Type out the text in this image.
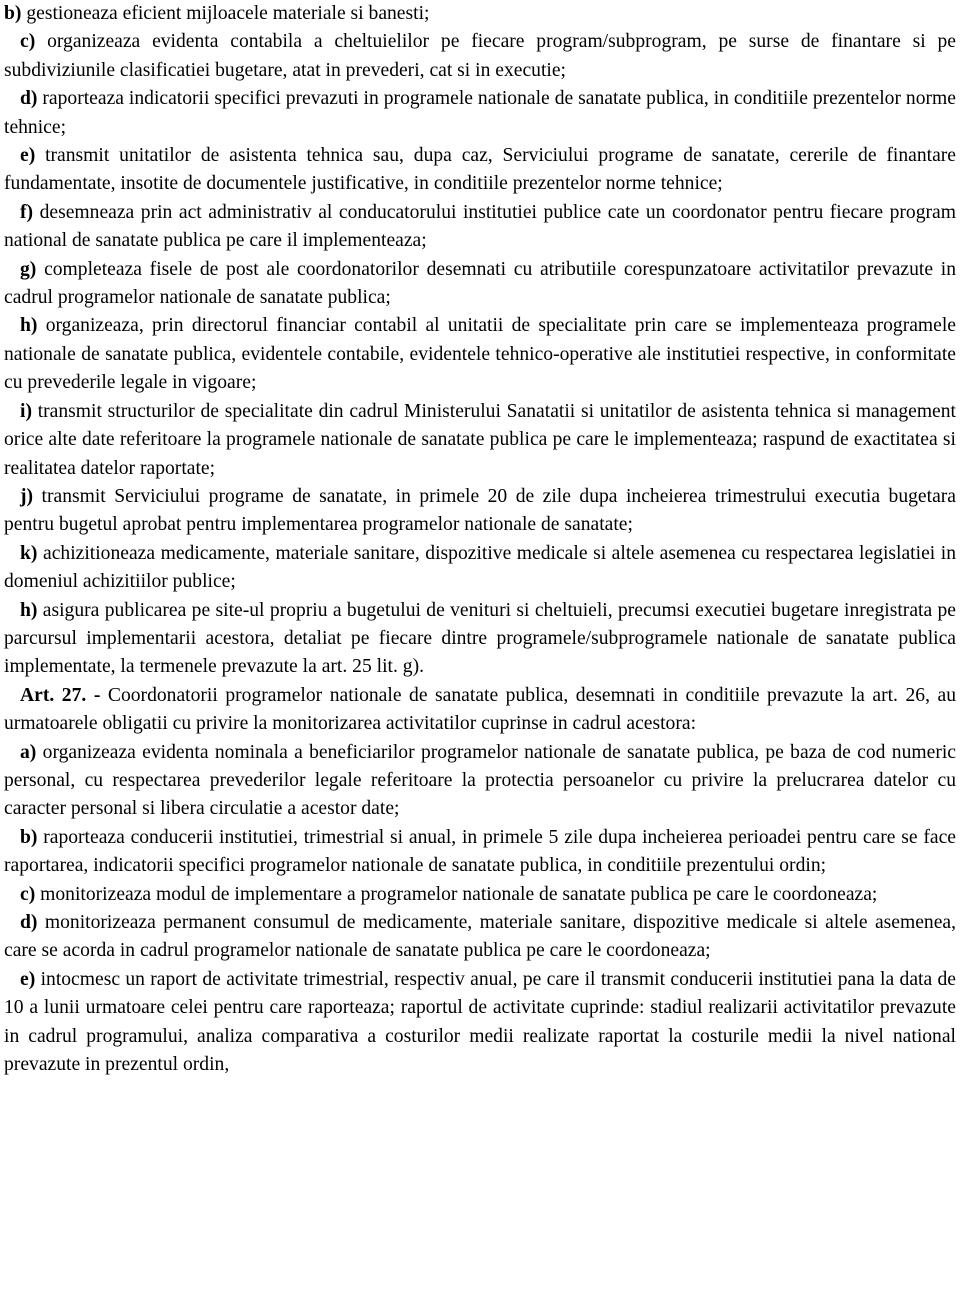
b) gestioneaza eficient mijloacele materiale si banesti;

c) organizeaza evidenta contabila a cheltuielilor pe fiecare program/subprogram, pe surse de finantare si pe subdiviziunile clasificatiei bugetare, atat in prevederi, cat si in executie;

d) raporteaza indicatorii specifici prevazuti in programele nationale de sanatate publica, in conditiile prezentelor norme tehnice;

e) transmit unitatilor de asistenta tehnica sau, dupa caz, Serviciului programe de sanatate, cererile de finantare fundamentate, insotite de documentele justificative, in conditiile prezentelor norme tehnice;

f) desemneaza prin act administrativ al conducatorului institutiei publice cate un coordonator pentru fiecare program national de sanatate publica pe care il implementeaza;

g) completeaza fisele de post ale coordonatorilor desemnati cu atributiile corespunzatoare activitatilor prevazute in cadrul programelor nationale de sanatate publica;

h) organizeaza, prin directorul financiar contabil al unitatii de specialitate prin care se implementeaza programele nationale de sanatate publica, evidentele contabile, evidentele tehnico-operative ale institutiei respective, in conformitate cu prevederile legale in vigoare;

i) transmit structurilor de specialitate din cadrul Ministerului Sanatatii si unitatilor de asistenta tehnica si management orice alte date referitoare la programele nationale de sanatate publica pe care le implementeaza; raspund de exactitatea si realitatea datelor raportate;

j) transmit Serviciului programe de sanatate, in primele 20 de zile dupa incheierea trimestrului executia bugetara pentru bugetul aprobat pentru implementarea programelor nationale de sanatate;

k) achizitioneaza medicamente, materiale sanitare, dispozitive medicale si altele asemenea cu respectarea legislatiei in domeniul achizitiilor publice;

h) asigura publicarea pe site-ul propriu a bugetului de venituri si cheltuieli, precumsi executiei bugetare inregistrata pe parcursul implementarii acestora, detaliat pe fiecare dintre programele/subprogramele nationale de sanatate publica implementate, la termenele prevazute la art. 25 lit. g).

Art. 27. - Coordonatorii programelor nationale de sanatate publica, desemnati in conditiile prevazute la art. 26, au urmatoarele obligatii cu privire la monitorizarea activitatilor cuprinse in cadrul acestora:

a) organizeaza evidenta nominala a beneficiarilor programelor nationale de sanatate publica, pe baza de cod numeric personal, cu respectarea prevederilor legale referitoare la protectia persoanelor cu privire la prelucrarea datelor cu caracter personal si libera circulatie a acestor date;

b) raporteaza conducerii institutiei, trimestrial si anual, in primele 5 zile dupa incheierea perioadei pentru care se face raportarea, indicatorii specifici programelor nationale de sanatate publica, in conditiile prezentului ordin;

c) monitorizeaza modul de implementare a programelor nationale de sanatate publica pe care le coordoneaza;

d) monitorizeaza permanent consumul de medicamente, materiale sanitare, dispozitive medicale si altele asemenea, care se acorda in cadrul programelor nationale de sanatate publica pe care le coordoneaza;

e) intocmesc un raport de activitate trimestrial, respectiv anual, pe care il transmit conducerii institutiei pana la data de 10 a lunii urmatoare celei pentru care raporteaza; raportul de activitate cuprinde: stadiul realizarii activitatilor prevazute in cadrul programului, analiza comparativa a costurilor medii realizate raportat la costurile medii la nivel national prevazute in prezentul ordin,
